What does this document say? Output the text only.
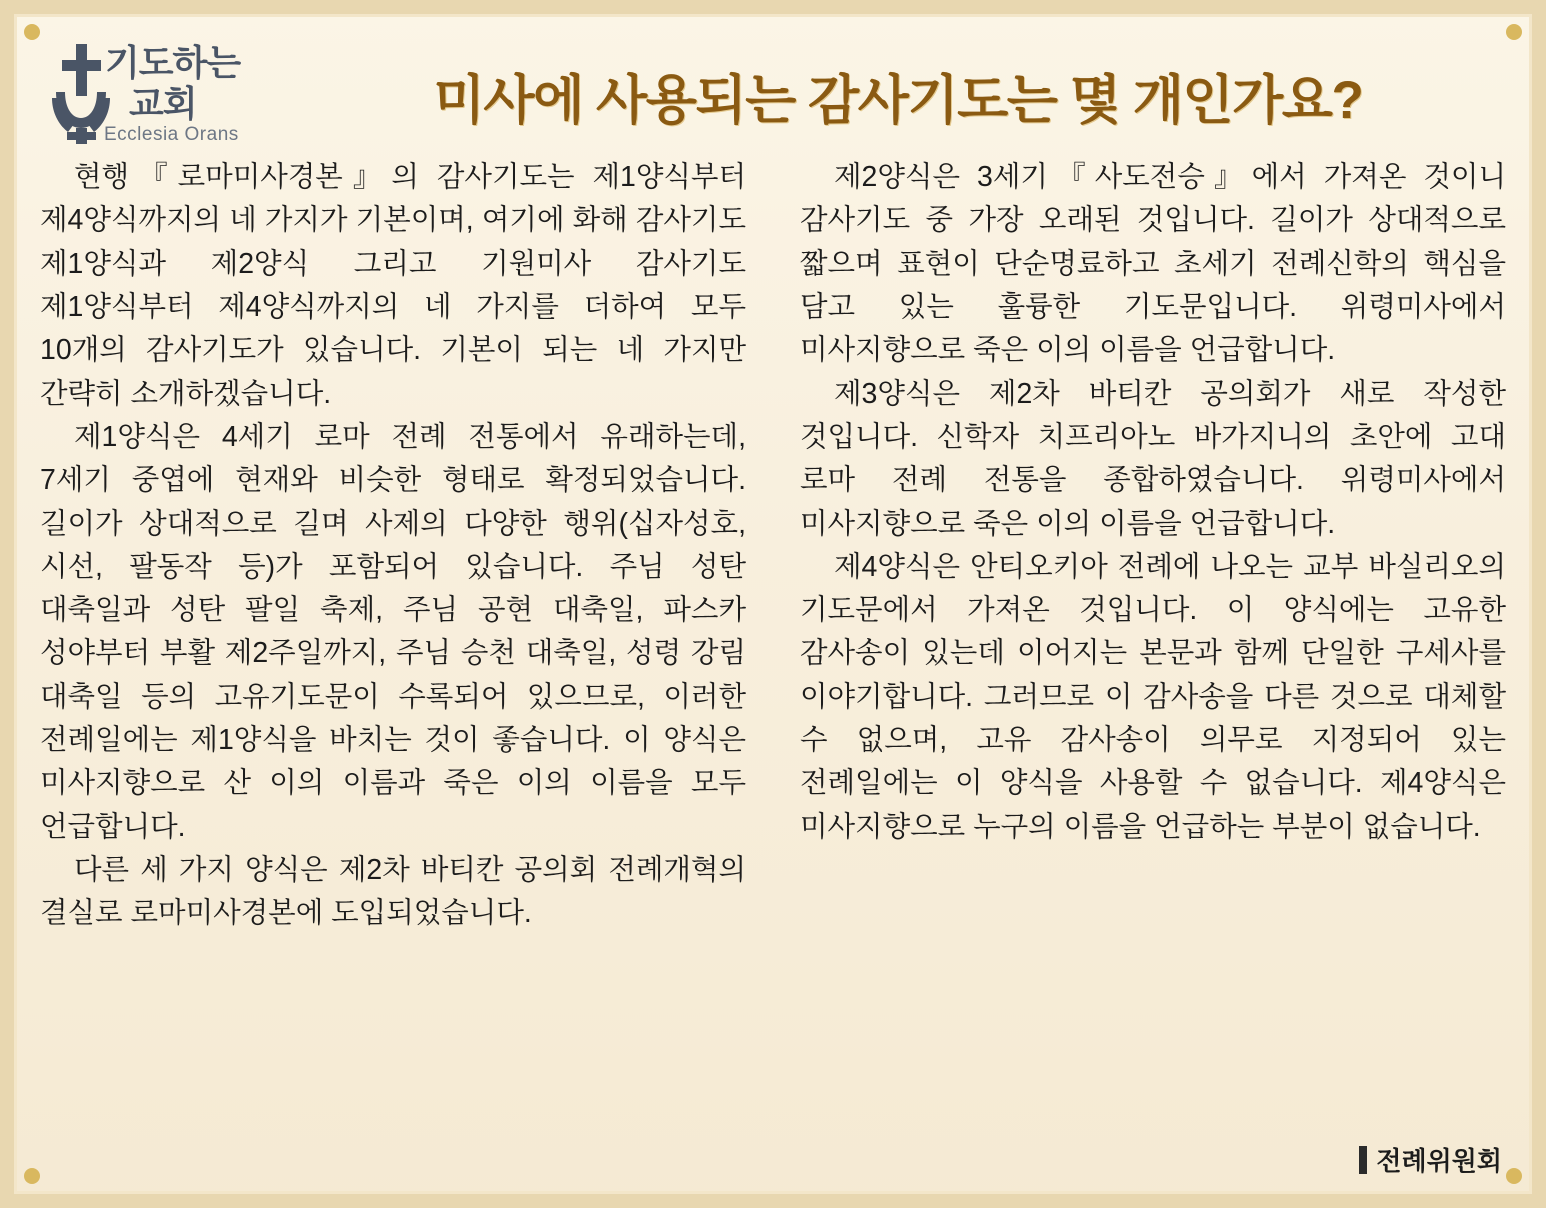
기도하는
교회
Ecclesia Orans
미사에 사용되는 감사기도는 몇 개인가요?

현행『로마미사경본』의 감사기도는 제1양식부터 제4양식까지의 네 가지가 기본이며, 여기에 화해 감사기도 제1양식과 제2양식 그리고 기원미사 감사기도 제1양식부터 제4양식까지의 네 가지를 더하여 모두 10개의 감사기도가 있습니다. 기본이 되는 네 가지만 간략히 소개하겠습니다.

제1양식은 4세기 로마 전례 전통에서 유래하는데, 7세기 중엽에 현재와 비슷한 형태로 확정되었습니다. 길이가 상대적으로 길며 사제의 다양한 행위(십자성호, 시선, 팔동작 등)가 포함되어 있습니다. 주님 성탄 대축일과 성탄 팔일 축제, 주님 공현 대축일, 파스카 성야부터 부활 제2주일까지, 주님 승천 대축일, 성령 강림 대축일 등의 고유기도문이 수록되어 있으므로, 이러한 전례일에는 제1양식을 바치는 것이 좋습니다. 이 양식은 미사지향으로 산 이의 이름과 죽은 이의 이름을 모두 언급합니다.

다른 세 가지 양식은 제2차 바티칸 공의회 전례개혁의 결실로 로마미사경본에 도입되었습니다.

제2양식은 3세기『사도전승』에서 가져온 것이니 감사기도 중 가장 오래된 것입니다. 길이가 상대적으로 짧으며 표현이 단순명료하고 초세기 전례신학의 핵심을 담고 있는 훌륭한 기도문입니다. 위령미사에서 미사지향으로 죽은 이의 이름을 언급합니다.

제3양식은 제2차 바티칸 공의회가 새로 작성한 것입니다. 신학자 치프리아노 바가지니의 초안에 고대 로마 전례 전통을 종합하였습니다. 위령미사에서 미사지향으로 죽은 이의 이름을 언급합니다.

제4양식은 안티오키아 전례에 나오는 교부 바실리오의 기도문에서 가져온 것입니다. 이 양식에는 고유한 감사송이 있는데 이어지는 본문과 함께 단일한 구세사를 이야기합니다. 그러므로 이 감사송을 다른 것으로 대체할 수 없으며, 고유 감사송이 의무로 지정되어 있는 전례일에는 이 양식을 사용할 수 없습니다. 제4양식은 미사지향으로 누구의 이름을 언급하는 부분이 없습니다.

전례위원회
